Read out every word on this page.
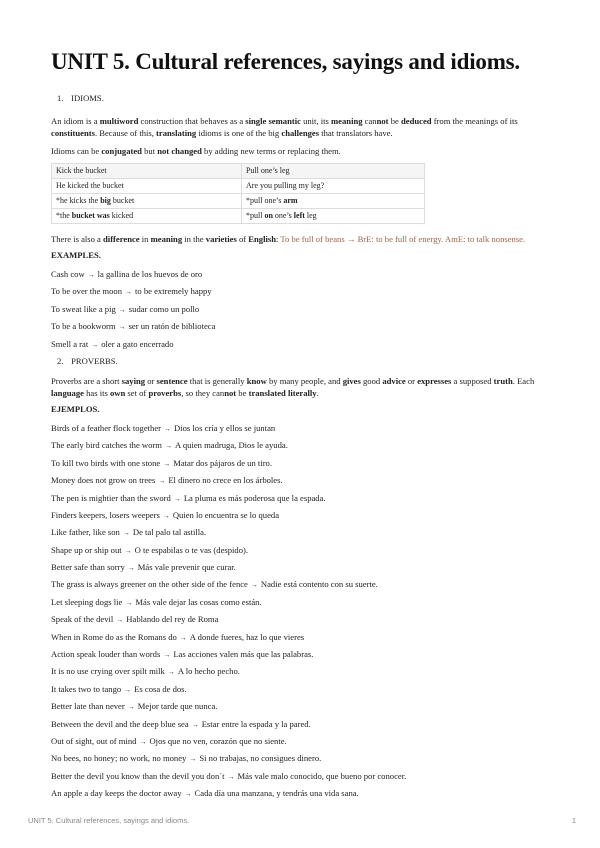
UNIT 5. Cultural references, sayings and idioms.
1. IDIOMS.

An idiom is a multiword construction that behaves as a single semantic unit, its meaning cannot be deduced from the meanings of its constituents. Because of this, translating idioms is one of the big challenges that translators have.

Idioms can be conjugated but not changed by adding new terms or replacing them.

Kick the bucket	Pull one’s leg
He kicked the bucket	Are you pulling my leg?
*he kicks the big bucket	*pull one’s arm
*the bucket was kicked	*pull on one’s left leg

There is also a difference in meaning in the varieties of English: To be full of beans → BrE: to be full of energy. AmE: to talk nonsense.

EXAMPLES.
Cash cow → la gallina de los huevos de oro
To be over the moon → to be extremely happy
To sweat like a pig → sudar como un pollo
To be a bookworm → ser un ratón de biblioteca
Smell a rat → oler a gato encerrado
2. PROVERBS.

Proverbs are a short saying or sentence that is generally know by many people, and gives good advice or expresses a supposed truth. Each language has its own set of proverbs, so they cannot be translated literally.

EJEMPLOS.
Birds of a feather flock together → Dios los cría y ellos se juntan
The early bird catches the worm → A quien madruga, Dios le ayuda.
To kill two birds with one stone → Matar dos pájaros de un tiro.
Money does not grow on trees → El dinero no crece en los árboles.
The pen is mightier than the sword → La pluma es más poderosa que la espada.
Finders keepers, losers weepers → Quien lo encuentra se lo queda
Like father, like son → De tal palo tal astilla.
Shape up or ship out → O te espabilas o te vas (despido).
Better safe than sorry → Más vale prevenir que curar.
The grass is always greener on the other side of the fence → Nadie está contento con su suerte.
Let sleeping dogs lie → Más vale dejar las cosas como están.
Speak of the devil → Hablando del rey de Roma
When in Rome do as the Romans do → A donde fueres, haz lo que vieres
Action speak louder than words → Las acciones valen más que las palabras.
It is no use crying over spilt milk → A lo hecho pecho.
It takes two to tango → Es cosa de dos.
Better late than never → Mejor tarde que nunca.
Between the devil and the deep blue sea → Estar entre la espada y la pared.
Out of sight, out of mind → Ojos que no ven, corazón que no siente.
No bees, no honey; no work, no money → Si no trabajas, no consigues dinero.
Better the devil you know than the devil you don´t → Más vale malo conocido, que bueno por conocer.
An apple a day keeps the doctor away → Cada día una manzana, y tendrás una vida sana.
UNIT 5. Cultural references, sayings and idioms.	1
